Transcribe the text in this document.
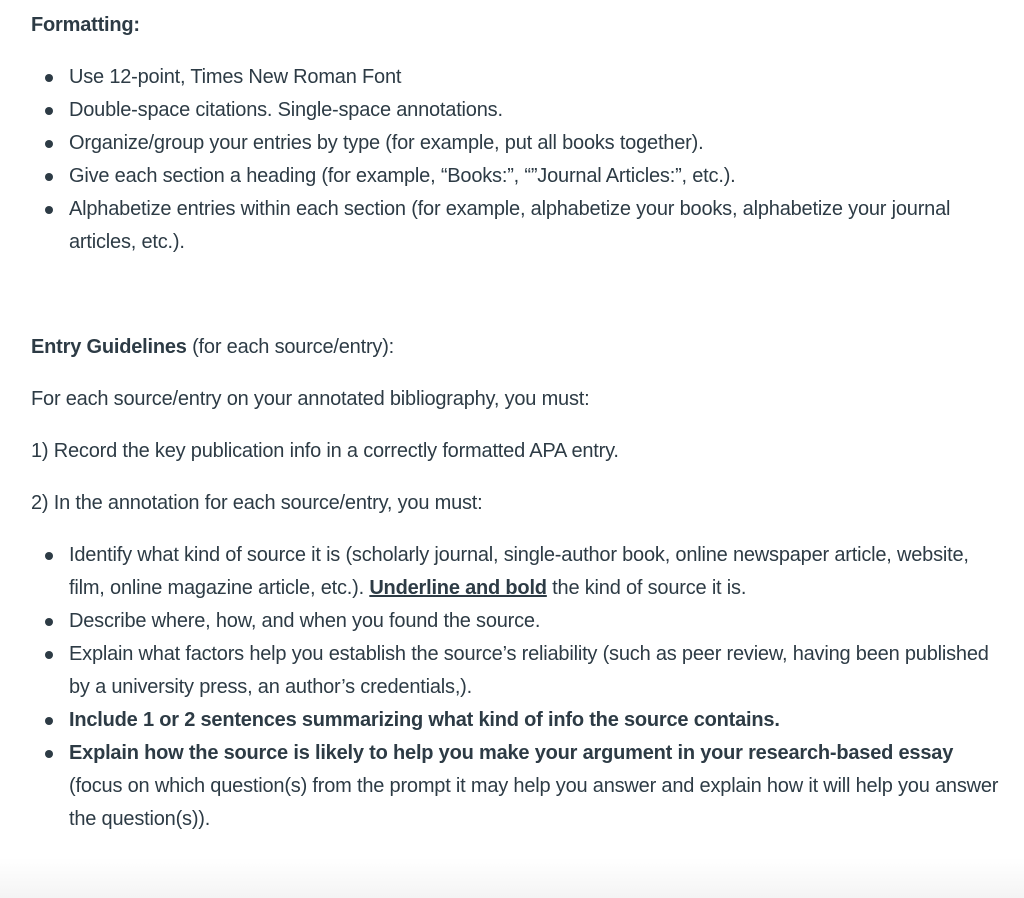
Formatting:

Use 12-point, Times New Roman Font
Double-space citations. Single-space annotations.
Organize/group your entries by type (for example, put all books together).
Give each section a heading (for example, “Books:”, “”Journal Articles:”, etc.).
Alphabetize entries within each section (for example, alphabetize your books, alphabetize your journal articles, etc.).

Entry Guidelines (for each source/entry):

For each source/entry on your annotated bibliography, you must:

1) Record the key publication info in a correctly formatted APA entry.

2) In the annotation for each source/entry, you must:

Identify what kind of source it is (scholarly journal, single-author book, online newspaper article, website, film, online magazine article, etc.). Underline and bold the kind of source it is.
Describe where, how, and when you found the source.
Explain what factors help you establish the source’s reliability (such as peer review, having been published by a university press, an author’s credentials,).
Include 1 or 2 sentences summarizing what kind of info the source contains.
Explain how the source is likely to help you make your argument in your research-based essay (focus on which question(s) from the prompt it may help you answer and explain how it will help you answer the question(s)).
